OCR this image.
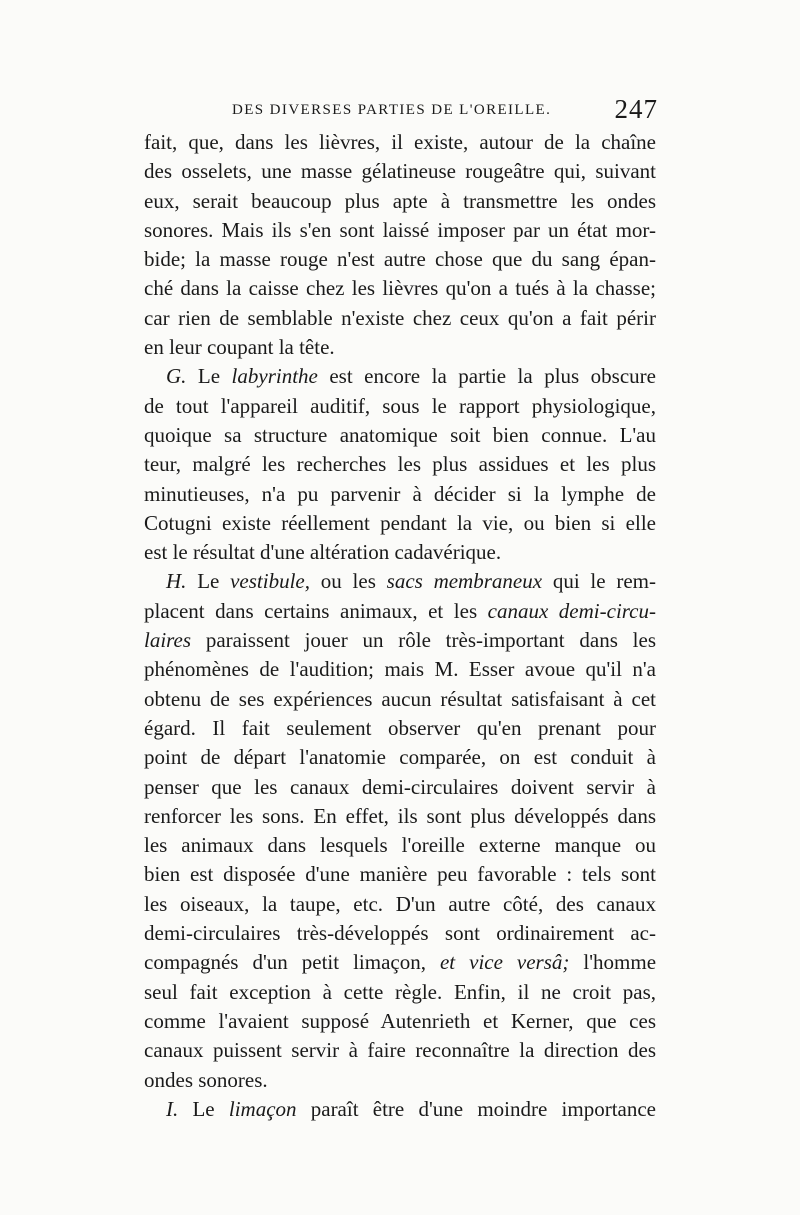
DES DIVERSES PARTIES DE L'OREILLE. 247
fait, que, dans les lièvres, il existe, autour de la chaîne
des osselets, une masse gélatineuse rougeâtre qui, suivant
eux, serait beaucoup plus apte à transmettre les ondes
sonores. Mais ils s'en sont laissé imposer par un état mor-
bide; la masse rouge n'est autre chose que du sang épan-
ché dans la caisse chez les lièvres qu'on a tués à la chasse;
car rien de semblable n'existe chez ceux qu'on a fait périr
en leur coupant la tête.
G. Le labyrinthe est encore la partie la plus obscure
de tout l'appareil auditif, sous le rapport physiologique,
quoique sa structure anatomique soit bien connue. L'au
teur, malgré les recherches les plus assidues et les plus
minutieuses, n'a pu parvenir à décider si la lymphe de
Cotugni existe réellement pendant la vie, ou bien si elle
est le résultat d'une altération cadavérique.
H. Le vestibule, ou les sacs membraneux qui le rem-
placent dans certains animaux, et les canaux demi-circu-
laires paraissent jouer un rôle très-important dans les
phénomènes de l'audition; mais M. Esser avoue qu'il n'a
obtenu de ses expériences aucun résultat satisfaisant à cet
égard. Il fait seulement observer qu'en prenant pour
point de départ l'anatomie comparée, on est conduit à
penser que les canaux demi-circulaires doivent servir à
renforcer les sons. En effet, ils sont plus développés dans
les animaux dans lesquels l'oreille externe manque ou
bien est disposée d'une manière peu favorable : tels sont
les oiseaux, la taupe, etc. D'un autre côté, des canaux
demi-circulaires très-développés sont ordinairement ac-
compagnés d'un petit limaçon, et vice versâ; l'homme
seul fait exception à cette règle. Enfin, il ne croit pas,
comme l'avaient supposé Autenrieth et Kerner, que ces
canaux puissent servir à faire reconnaître la direction des
ondes sonores.
I. Le limaçon paraît être d'une moindre importance
